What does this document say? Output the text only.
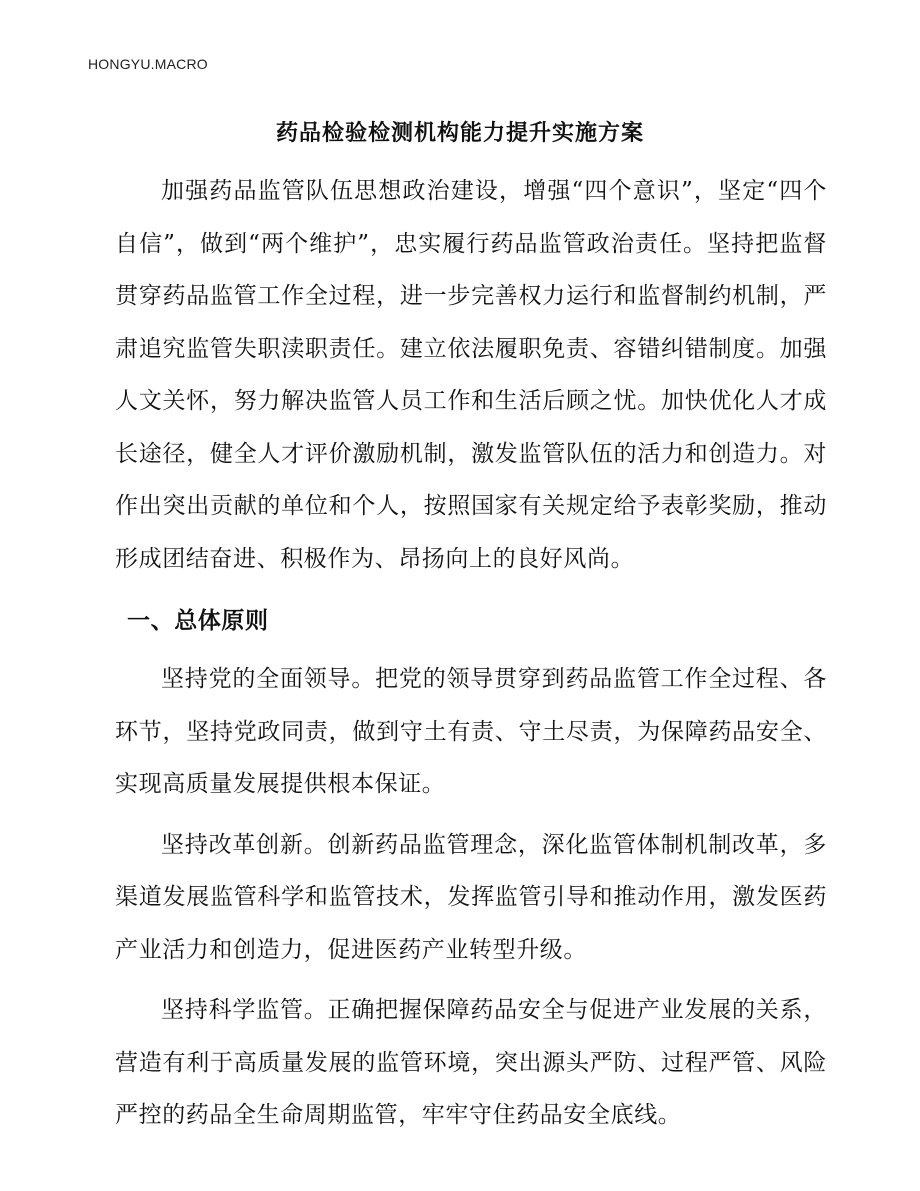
HONGYU.MACRO
药品检验检测机构能力提升实施方案

加强药品监管队伍思想政治建设，增强“四个意识”，坚定“四个自信”，做到“两个维护”，忠实履行药品监管政治责任。坚持把监督贯穿药品监管工作全过程，进一步完善权力运行和监督制约机制，严肃追究监管失职渎职责任。建立依法履职免责、容错纠错制度。加强人文关怀，努力解决监管人员工作和生活后顾之忧。加快优化人才成长途径，健全人才评价激励机制，激发监管队伍的活力和创造力。对作出突出贡献的单位和个人，按照国家有关规定给予表彰奖励，推动形成团结奋进、积极作为、昂扬向上的良好风尚。

一、总体原则

坚持党的全面领导。把党的领导贯穿到药品监管工作全过程、各环节，坚持党政同责，做到守土有责、守土尽责，为保障药品安全、实现高质量发展提供根本保证。

坚持改革创新。创新药品监管理念，深化监管体制机制改革，多渠道发展监管科学和监管技术，发挥监管引导和推动作用，激发医药产业活力和创造力，促进医药产业转型升级。

坚持科学监管。正确把握保障药品安全与促进产业发展的关系，营造有利于高质量发展的监管环境，突出源头严防、过程严管、风险严控的药品全生命周期监管，牢牢守住药品安全底线。
